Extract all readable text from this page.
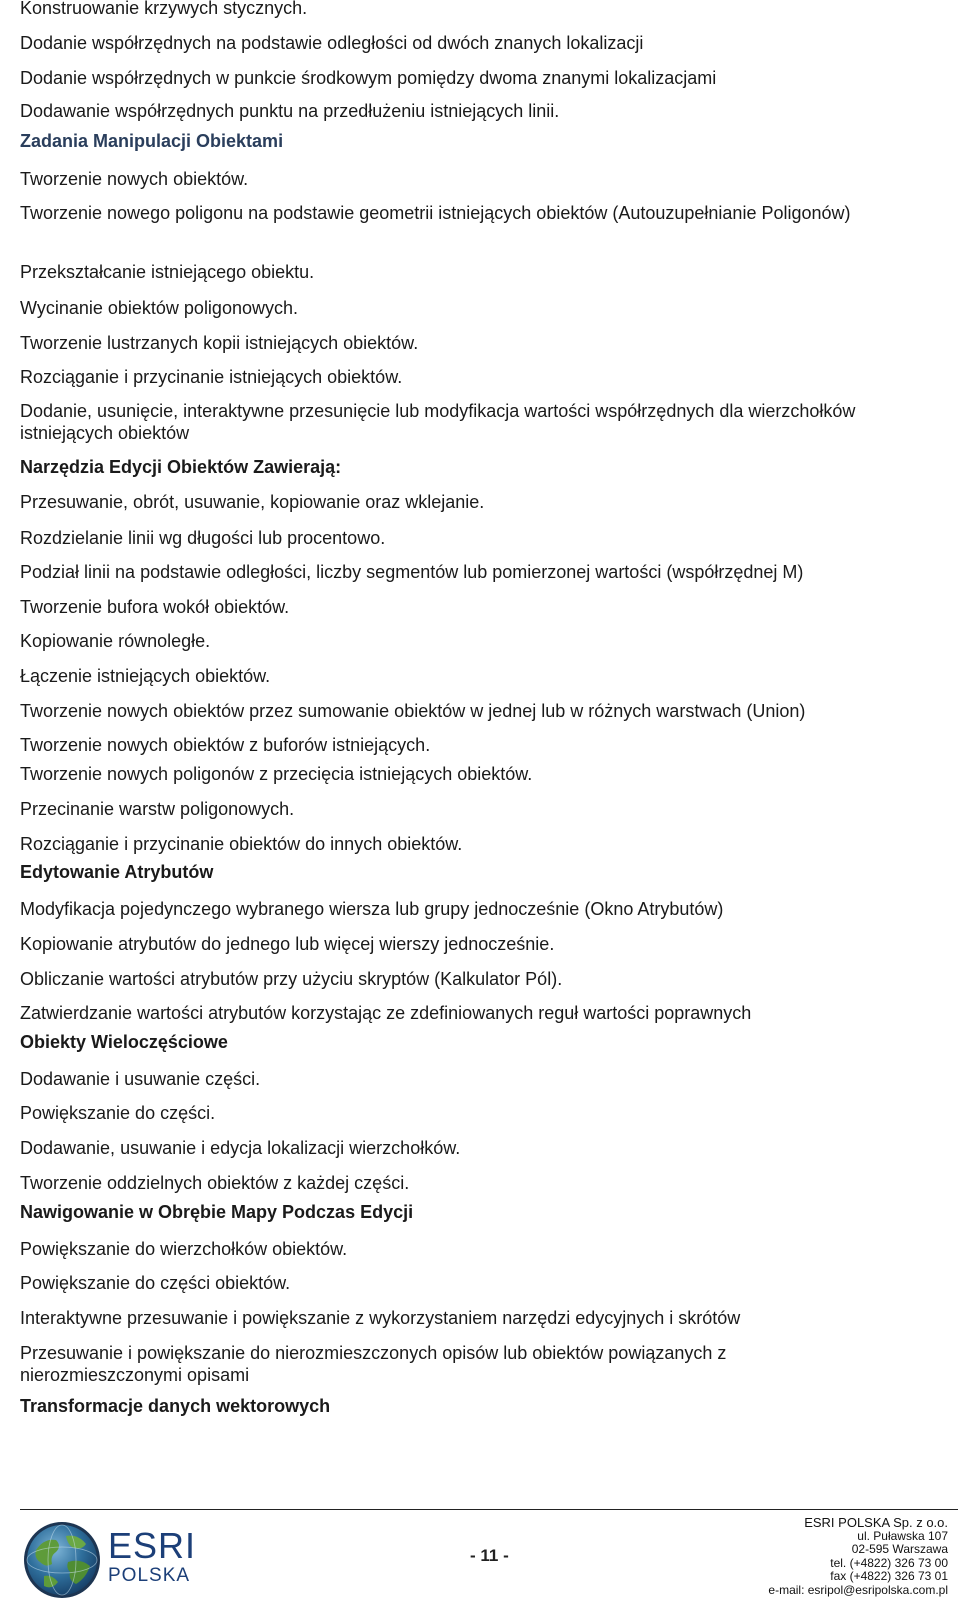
Konstruowanie krzywych stycznych.
Dodanie współrzędnych na podstawie odległości od dwóch znanych lokalizacji
Dodanie współrzędnych w punkcie środkowym pomiędzy dwoma znanymi lokalizacjami
Dodawanie współrzędnych punktu na przedłużeniu istniejących linii.
Zadania Manipulacji Obiektami
Tworzenie nowych obiektów.
Tworzenie nowego poligonu na podstawie geometrii istniejących obiektów (Autouzupełnianie Poligonów)
Przekształcanie istniejącego obiektu.
Wycinanie obiektów poligonowych.
Tworzenie lustrzanych kopii istniejących obiektów.
Rozciąganie i przycinanie istniejących obiektów.
Dodanie, usunięcie, interaktywne przesunięcie lub modyfikacja wartości współrzędnych dla wierzchołków istniejących obiektów
Narzędzia Edycji Obiektów Zawierają:
Przesuwanie, obrót, usuwanie, kopiowanie oraz wklejanie.
Rozdzielanie linii wg długości lub procentowo.
Podział linii na podstawie odległości, liczby segmentów lub pomierzonej wartości (współrzędnej M)
Tworzenie bufora wokół obiektów.
Kopiowanie równoległe.
Łączenie istniejących obiektów.
Tworzenie nowych obiektów przez sumowanie obiektów w jednej lub w różnych warstwach (Union)
Tworzenie nowych obiektów z buforów istniejących.
Tworzenie nowych poligonów z przecięcia istniejących obiektów.
Przecinanie warstw poligonowych.
Rozciąganie i przycinanie obiektów do innych obiektów.
Edytowanie Atrybutów
Modyfikacja pojedynczego wybranego wiersza lub grupy jednocześnie (Okno Atrybutów)
Kopiowanie atrybutów do jednego lub więcej wierszy jednocześnie.
Obliczanie wartości atrybutów przy użyciu skryptów (Kalkulator Pól).
Zatwierdzanie wartości atrybutów korzystając ze zdefiniowanych reguł wartości poprawnych
Obiekty Wieloczęściowe
Dodawanie i usuwanie części.
Powiększanie do części.
Dodawanie, usuwanie i edycja lokalizacji wierzchołków.
Tworzenie oddzielnych obiektów z każdej części.
Nawigowanie w Obrębie Mapy Podczas Edycji
Powiększanie do wierzchołków obiektów.
Powiększanie do części obiektów.
Interaktywne przesuwanie i powiększanie z wykorzystaniem narzędzi edycyjnych i skrótów
Przesuwanie i powiększanie do nierozmieszczonych opisów lub obiektów powiązanych z nierozmieszczonymi opisami
Transformacje danych wektorowych
ESRI
POLSKA
- 11 -
ESRI POLSKA Sp. z o.o.
ul. Puławska 107
02-595 Warszawa
tel. (+4822) 326 73 00
fax (+4822) 326 73 01
e-mail: esripol@esripolska.com.pl
